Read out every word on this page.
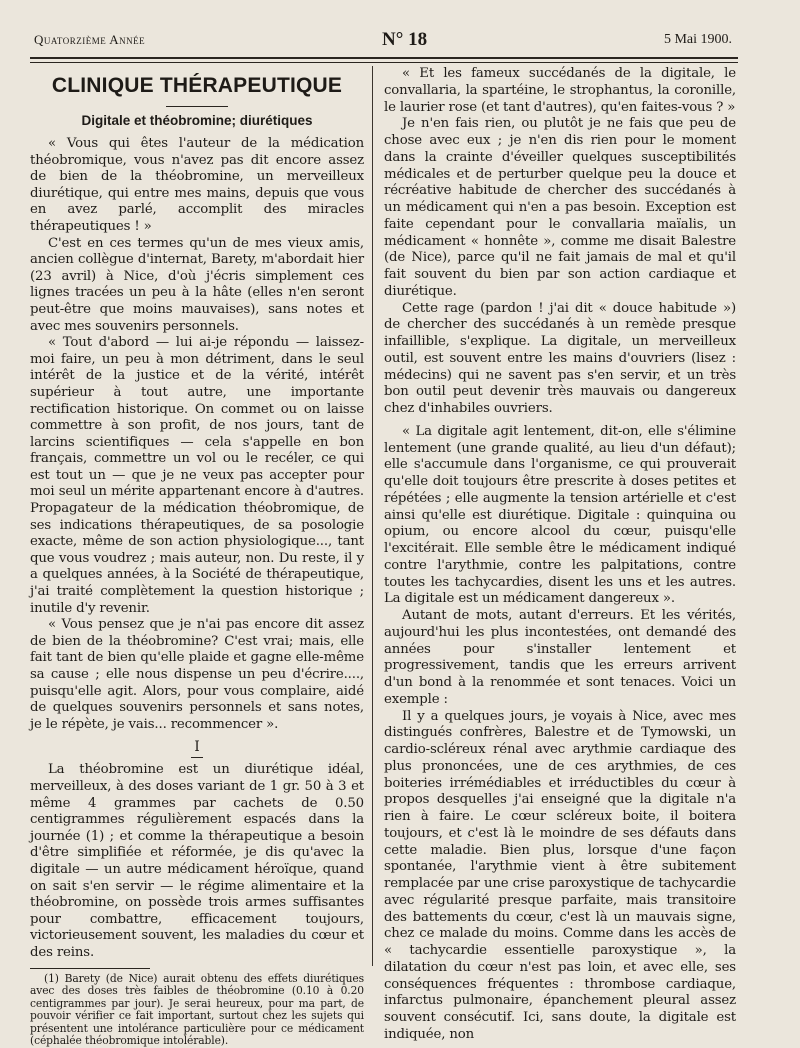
Quatorzième Année	N° 18	5 Mai 1900.
CLINIQUE THÉRAPEUTIQUE
Digitale et théobromine; diurétiques

« Vous qui êtes l'auteur de la médication théobromique, vous n'avez pas dit encore assez de bien de la théobromine, un merveilleux diurétique, qui entre mes mains, depuis que vous en avez parlé, accomplit des miracles thérapeutiques ! »

C'est en ces termes qu'un de mes vieux amis, ancien collègue d'internat, Barety, m'abordait hier (23 avril) à Nice, d'où j'écris simplement ces lignes tracées un peu à la hâte (elles n'en seront peut-être que moins mauvaises), sans notes et avec mes souvenirs personnels.

« Tout d'abord — lui ai-je répondu — laissez-moi faire, un peu à mon détriment, dans le seul intérêt de la justice et de la vérité, intérêt supérieur à tout autre, une importante rectification historique. On commet ou on laisse commettre à son profit, de nos jours, tant de larcins scientifiques — cela s'appelle en bon français, commettre un vol ou le recéler, ce qui est tout un — que je ne veux pas accepter pour moi seul un mérite appartenant encore à d'autres. Propagateur de la médication théobromique, de ses indications thérapeutiques, de sa posologie exacte, même de son action physiologique..., tant que vous voudrez ; mais auteur, non. Du reste, il y a quelques années, à la Société de thérapeutique, j'ai traité complètement la question historique ; inutile d'y revenir.

« Vous pensez que je n'ai pas encore dit assez de bien de la théobromine? C'est vrai; mais, elle fait tant de bien qu'elle plaide et gagne elle-même sa cause ; elle nous dispense un peu d'écrire...., puisqu'elle agit. Alors, pour vous complaire, aidé de quelques souvenirs personnels et sans notes, je le répète, je vais... recommencer ».

I

La théobromine est un diurétique idéal, merveilleux, à des doses variant de 1 gr. 50 à 3 et même 4 grammes par cachets de 0.50 centigrammes régulièrement espacés dans la journée (1) ; et comme la thérapeutique a besoin d'être simplifiée et réformée, je dis qu'avec la digitale — un autre médicament héroïque, quand on sait s'en servir — le régime alimentaire et la théobromine, on possède trois armes suffisantes pour combattre, efficacement toujours, victorieusement souvent, les maladies du cœur et des reins.

(1) Barety (de Nice) aurait obtenu des effets diurétiques avec des doses très faibles de théobromine (0.10 à 0.20 centigrammes par jour). Je serai heureux, pour ma part, de pouvoir vérifier ce fait important, surtout chez les sujets qui présentent une intolérance particulière pour ce médicament (céphalée théobromique intolérable).

« Et les fameux succédanés de la digitale, le convallaria, la spartéine, le strophantus, la coronille, le laurier rose (et tant d'autres), qu'en faites-vous ? »

Je n'en fais rien, ou plutôt je ne fais que peu de chose avec eux ; je n'en dis rien pour le moment dans la crainte d'éveiller quelques susceptibilités médicales et de perturber quelque peu la douce et récréative habitude de chercher des succédanés à un médicament qui n'en a pas besoin. Exception est faite cependant pour le convallaria maïalis, un médicament « honnête », comme me disait Balestre (de Nice), parce qu'il ne fait jamais de mal et qu'il fait souvent du bien par son action cardiaque et diurétique.

Cette rage (pardon ! j'ai dit « douce habitude ») de chercher des succédanés à un remède presque infaillible, s'explique. La digitale, un merveilleux outil, est souvent entre les mains d'ouvriers (lisez : médecins) qui ne savent pas s'en servir, et un très bon outil peut devenir très mauvais ou dangereux chez d'inhabiles ouvriers.

« La digitale agit lentement, dit-on, elle s'élimine lentement (une grande qualité, au lieu d'un défaut); elle s'accumule dans l'organisme, ce qui prouverait qu'elle doit toujours être prescrite à doses petites et répétées ; elle augmente la tension artérielle et c'est ainsi qu'elle est diurétique. Digitale : quinquina ou opium, ou encore alcool du cœur, puisqu'elle l'excitérait. Elle semble être le médicament indiqué contre l'arythmie, contre les palpitations, contre toutes les tachycardies, disent les uns et les autres. La digitale est un médicament dangereux ».

Autant de mots, autant d'erreurs. Et les vérités, aujourd'hui les plus incontestées, ont demandé des années pour s'installer lentement et progressivement, tandis que les erreurs arrivent d'un bond à la renommée et sont tenaces. Voici un exemple :

Il y a quelques jours, je voyais à Nice, avec mes distingués confrères, Balestre et de Tymowski, un cardio-scléreux rénal avec arythmie cardiaque des plus prononcées, une de ces arythmies, de ces boiteries irrémédiables et irréductibles du cœur à propos desquelles j'ai enseigné que la digitale n'a rien à faire. Le cœur scléreux boite, il boitera toujours, et c'est là le moindre de ses défauts dans cette maladie. Bien plus, lorsque d'une façon spontanée, l'arythmie vient à être subitement remplacée par une crise paroxystique de tachycardie avec régularité presque parfaite, mais transitoire des battements du cœur, c'est là un mauvais signe, chez ce malade du moins. Comme dans les accès de « tachycardie essentielle paroxystique », la dilatation du cœur n'est pas loin, et avec elle, ses conséquences fréquentes : thrombose cardiaque, infarctus pulmonaire, épanchement pleural assez souvent consécutif. Ici, sans doute, la digitale est indiquée, non
